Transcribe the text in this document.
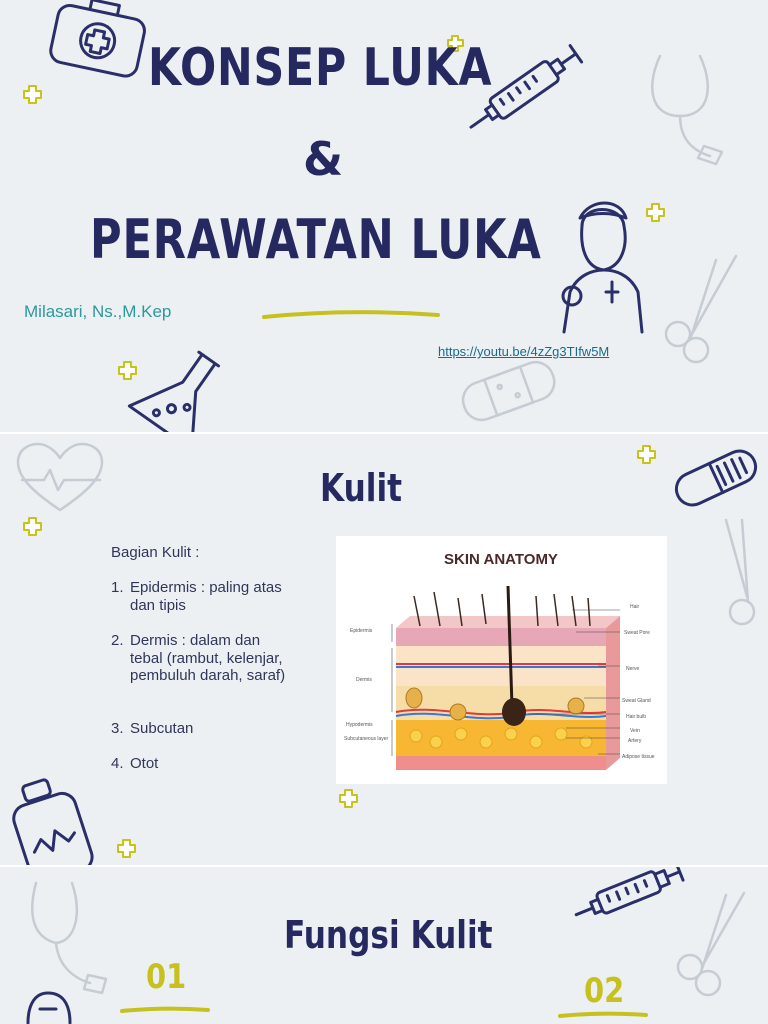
KONSEP LUKA
&
PERAWATAN LUKA
Milasari, Ns.,M.Kep
https://youtu.be/4zZg3TIfw5M
Kulit
Bagian Kulit :
1. Epidermis : paling atas dan tipis
2. Dermis : dalam dan tebal (rambut, kelenjar, pembuluh darah, saraf)
3. Subcutan
4. Otot
SKIN ANATOMY
Epidermis
Dermis
Hypodermis
Subcutaneous layer
Hair
Sweat Pore
Nerve
Sweat Gland
Hair bulb
Vein
Artery
Adipose tissue
Fungsi Kulit
01	02
